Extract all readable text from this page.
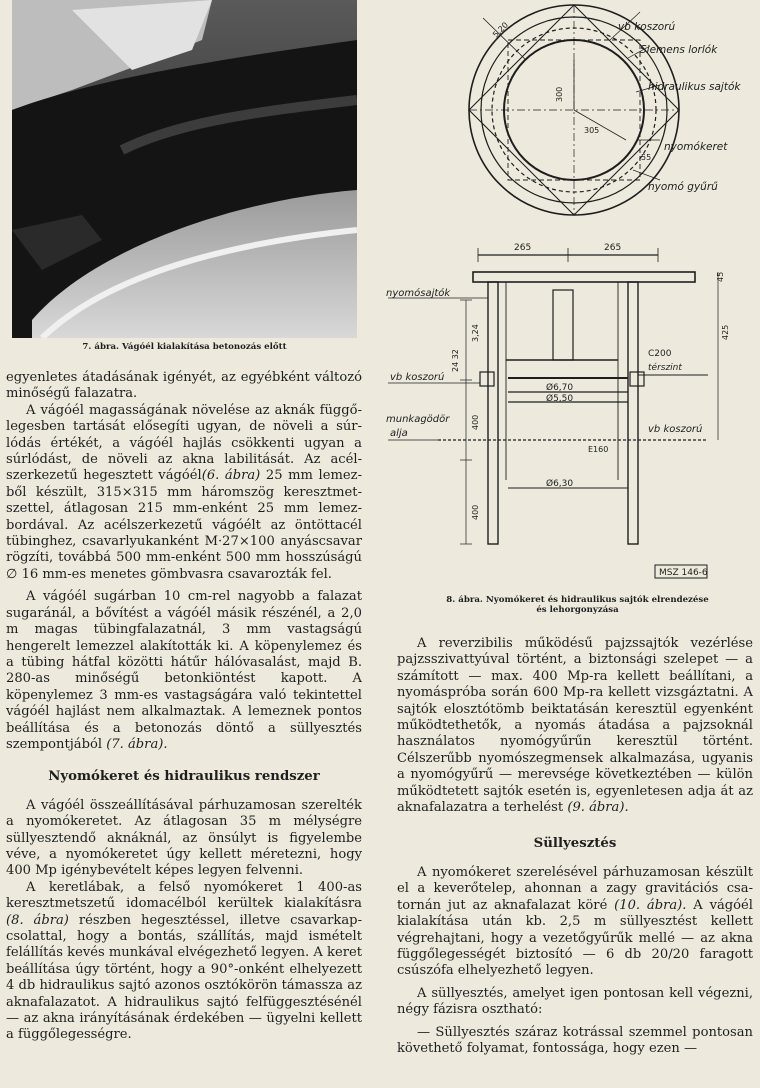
7. ábra. Vágóél kialakítása betonozás előtt
vb koszorú
Siemens lorlók
hidraulikus sajtók
nyomókeret
nyomó gyűrű
300
305
55
5,20
265	265
45
425
3,24
24 32
400
400
Ø6,70
Ø5,50
Ø6,30
nyomósajtók
vb koszorú
munkagödör
alja	vb koszorú
C200
térszint
E160
MSZ 146-6
8. ábra. Nyomókeret és hidraulikus sajtók elrendezése
és lehorgonyzása

egyenletes átadásának igényét, az egyébként változó minőségű falazatra.

A vágóél magasságának növelése az aknák függőlegesben tartását elősegíti ugyan, de növeli a súrlódás értékét, a vágóél hajlás csökkenti ugyan a súrlódást, de növeli az akna labilitását. Az acélszerkezetű hegesztett vágóél(6. ábra) 25 mm lemezből készült, 315×315 mm háromszög keresztmetszettel, átlagosan 215 mm-enként 25 mm lemezbordával. Az acélszerkezetű vágóélt az öntöttacél tübinghez, csavarlyukanként M·27×100 anyáscsavar rögzíti, továbbá 500 mm-enként 500 mm hosszúságú ∅ 16 mm-es menetes gömbvasra csavarozták fel.

A vágóél sugárban 10 cm-rel nagyobb a falazat sugaránál, a bővítést a vágóél másik részénél, a 2,0 m magas tübingfalazatnál, 3 mm vastagságú hengerelt lemezzel alakították ki. A köpenylemez és a tübing hátfal közötti hátűr hálóvasalást, majd B. 280-as minőségű betonkiöntést kapott. A köpenylemez 3 mm-es vastagságára való tekintettel vágóél hajlást nem alkalmaztak. A lemeznek pontos beállítása és a betonozás döntő a süllyesztés szempontjából (7. ábra).

Nyomókeret és hidraulikus rendszer

A vágóél összeállításával párhuzamosan szerelték a nyomókeretet. Az átlagosan 35 m mélységre süllyesztendő aknáknál, az önsúlyt is figyelembe véve, a nyomókeretet úgy kellett méretezni, hogy 400 Mp igénybevételt képes legyen felvenni.

A keretlábak, a felső nyomókeret 1 400-as keresztmetszetű idomacélból kerültek kialakításra (8. ábra) részben hegesztéssel, illetve csavarkapcsolattal, hogy a bontás, szállítás, majd ismételt felállítás kevés munkával elvégezhető legyen. A keret beállítása úgy történt, hogy a 90°-onként elhelyezett 4 db hidraulikus sajtó azonos osztókörön támassza az aknafalazatot. A hidraulikus sajtó felfüggesztésénél — az akna irányításának érdekében — ügyelni kellett a függőlegességre.

A reverzibilis működésű pajzssajtók vezérlése pajzsszivattyúval történt, a biztonsági szelepet — a számított — max. 400 Mp-ra kellett beállítani, a nyomáspróba során 600 Mp-ra kellett vizsgáztatni. A sajtók elosztótömb beiktatásán keresztül egyenként működtethetők, a nyomás átadása a pajzsoknál használatos nyomógyűrűn keresztül történt. Célszerűbb nyomószegmensek alkalmazása, ugyanis a nyomógyűrű — merevsége következtében — külön működtetett sajtók esetén is, egyenletesen adja át az aknafalazatra a terhelést (9. ábra).

Süllyesztés

A nyomókeret szerelésével párhuzamosan készült el a keverőtelep, ahonnan a zagy gravitációs csatornán jut az aknafalazat köré (10. ábra). A vágóél kialakítása után kb. 2,5 m süllyesztést kellett végrehajtani, hogy a vezetőgyűrűk mellé — az akna függőlegességét biztosító — 6 db 20/20 faragott csúszófa elhelyezhető legyen.

A süllyesztés, amelyet igen pontosan kell végezni, négy fázisra osztható:

— Süllyesztés száraz kotrással szemmel pontosan követhető folyamat, fontossága, hogy ezen —
